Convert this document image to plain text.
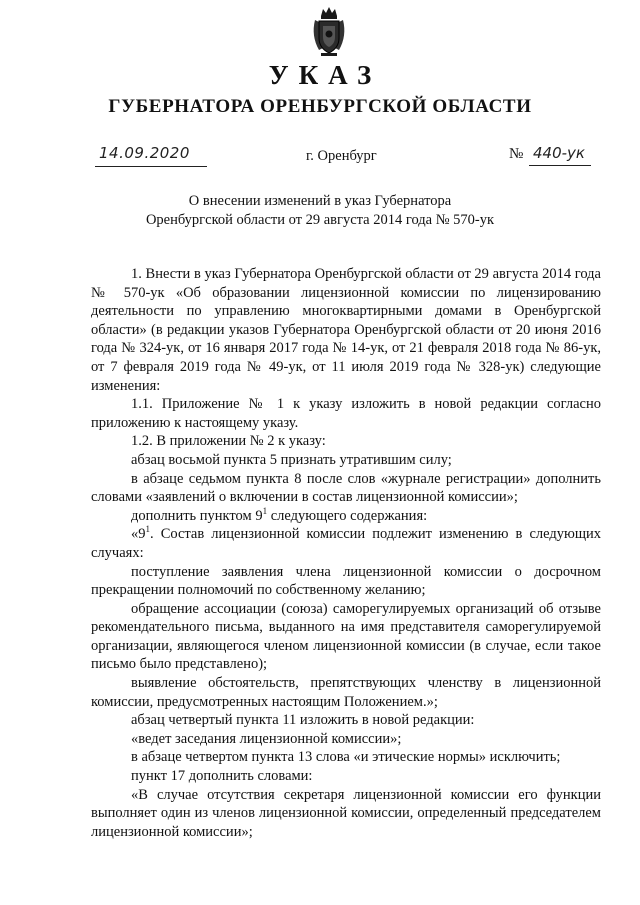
УКАЗ
ГУБЕРНАТОРА ОРЕНБУРГСКОЙ ОБЛАСТИ
14.09.2020	г. Оренбург	№ 440-ук
О внесении изменений в указ Губернатора
Оренбургской области от 29 августа 2014 года № 570-ук

1. Внести в указ Губернатора Оренбургской области от 29 августа 2014 года № 570-ук «Об образовании лицензионной комиссии по лицензированию деятельности по управлению многоквартирными домами в Оренбургской области» (в редакции указов Губернатора Оренбургской области от 20 июня 2016 года № 324-ук, от 16 января 2017 года № 14-ук, от 21 февраля 2018 года № 86-ук, от 7 февраля 2019 года № 49-ук, от 11 июля 2019 года № 328-ук) следующие изменения:

1.1. Приложение № 1 к указу изложить в новой редакции согласно приложению к настоящему указу.

1.2. В приложении № 2 к указу:

абзац восьмой пункта 5 признать утратившим силу;

в абзаце седьмом пункта 8 после слов «журнале регистрации» дополнить словами «заявлений о включении в состав лицензионной комиссии»;

дополнить пунктом $9^1$ следующего содержания:

«$9^1$. Состав лицензионной комиссии подлежит изменению в следующих случаях:

поступление заявления члена лицензионной комиссии о досрочном прекращении полномочий по собственному желанию;

обращение ассоциации (союза) саморегулируемых организаций об отзыве рекомендательного письма, выданного на имя представителя саморегулируемой организации, являющегося членом лицензионной комиссии (в случае, если такое письмо было представлено);

выявление обстоятельств, препятствующих членству в лицензионной комиссии, предусмотренных настоящим Положением.»;

абзац четвертый пункта 11 изложить в новой редакции:

«ведет заседания лицензионной комиссии»;

в абзаце четвертом пункта 13 слова «и этические нормы» исключить;

пункт 17 дополнить словами:

«В случае отсутствия секретаря лицензионной комиссии его функции выполняет один из членов лицензионной комиссии, определенный председателем лицензионной комиссии»;
